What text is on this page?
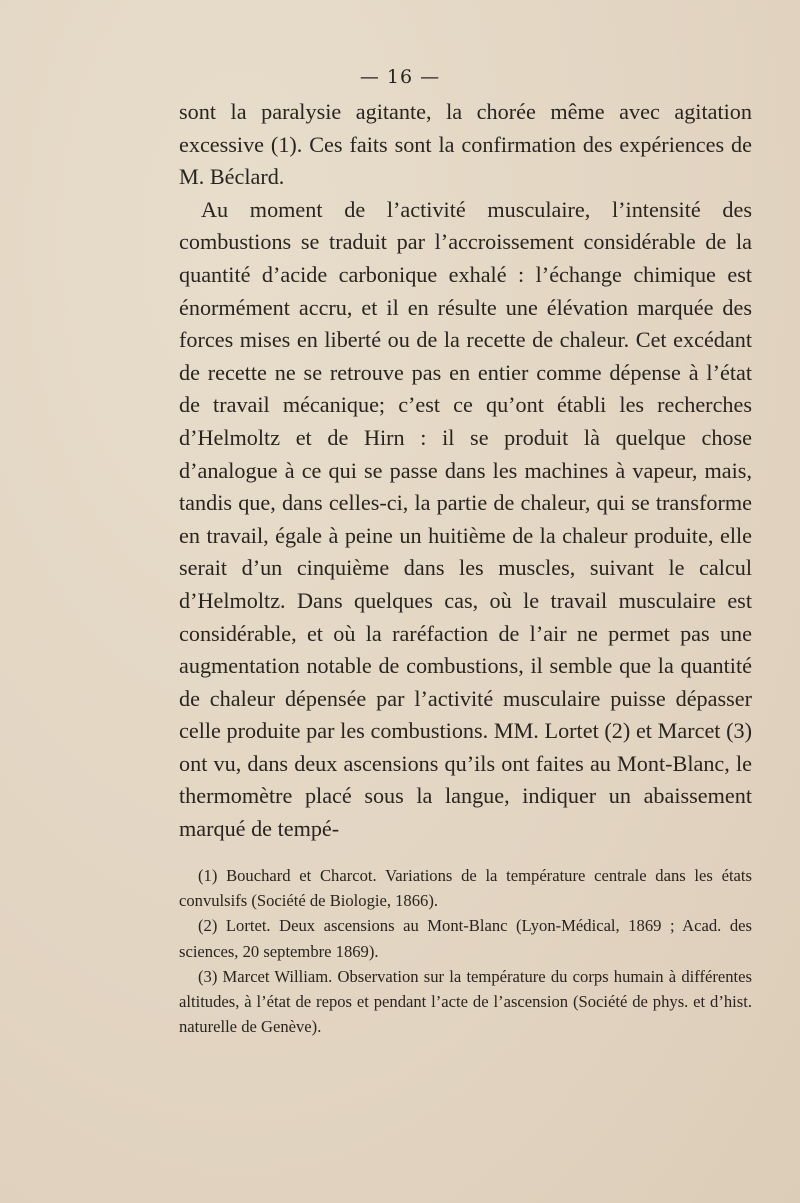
— 16 —

sont la paralysie agitante, la chorée même avec agitation excessive (1). Ces faits sont la confirmation des expériences de M. Béclard.

Au moment de l’activité musculaire, l’intensité des combustions se traduit par l’accroissement considérable de la quantité d’acide carbonique exhalé : l’échange chimique est énormément accru, et il en résulte une élévation marquée des forces mises en liberté ou de la recette de chaleur. Cet excédant de recette ne se retrouve pas en entier comme dépense à l’état de travail mécanique; c’est ce qu’ont établi les recherches d’Helmoltz et de Hirn : il se produit là quelque chose d’analogue à ce qui se passe dans les machines à vapeur, mais, tandis que, dans celles-ci, la partie de chaleur, qui se transforme en travail, égale à peine un huitième de la chaleur produite, elle serait d’un cinquième dans les muscles, suivant le calcul d’Helmoltz. Dans quelques cas, où le travail musculaire est considérable, et où la raréfaction de l’air ne permet pas une augmentation notable de combustions, il semble que la quantité de chaleur dépensée par l’activité musculaire puisse dépasser celle produite par les combustions. MM. Lortet (2) et Marcet (3) ont vu, dans deux ascensions qu’ils ont faites au Mont-Blanc, le thermomètre placé sous la langue, indiquer un abaissement marqué de tempé-

(1) Bouchard et Charcot. Variations de la température centrale dans les états convulsifs (Société de Biologie, 1866).

(2) Lortet. Deux ascensions au Mont-Blanc (Lyon-Médical, 1869 ; Acad. des sciences, 20 septembre 1869).

(3) Marcet William. Observation sur la température du corps humain à différentes altitudes, à l’état de repos et pendant l’acte de l’ascension (Société de phys. et d’hist. naturelle de Genève).
